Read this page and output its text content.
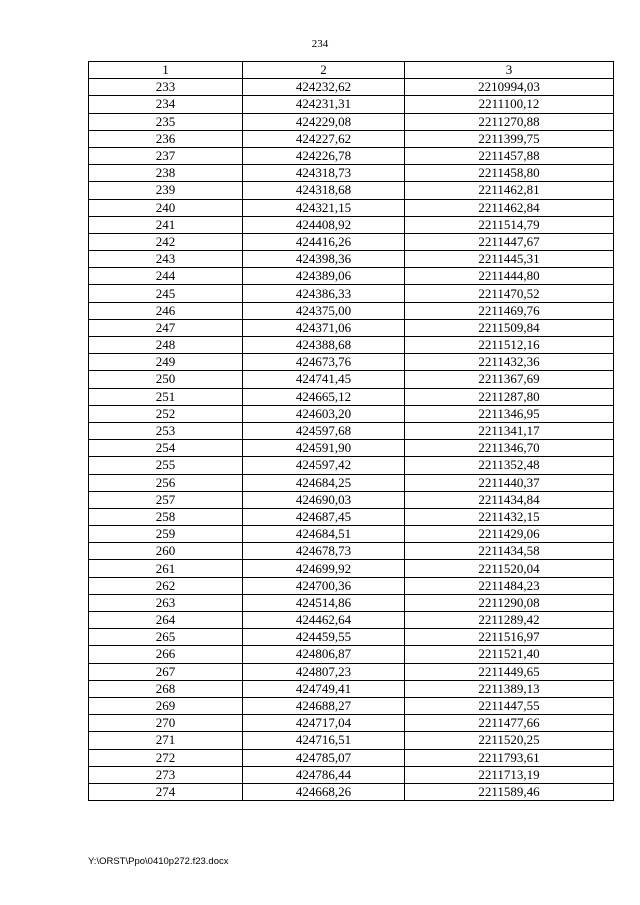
234
1	2	3
233	424232,62	2210994,03
234	424231,31	2211100,12
235	424229,08	2211270,88
236	424227,62	2211399,75
237	424226,78	2211457,88
238	424318,73	2211458,80
239	424318,68	2211462,81
240	424321,15	2211462,84
241	424408,92	2211514,79
242	424416,26	2211447,67
243	424398,36	2211445,31
244	424389,06	2211444,80
245	424386,33	2211470,52
246	424375,00	2211469,76
247	424371,06	2211509,84
248	424388,68	2211512,16
249	424673,76	2211432,36
250	424741,45	2211367,69
251	424665,12	2211287,80
252	424603,20	2211346,95
253	424597,68	2211341,17
254	424591,90	2211346,70
255	424597,42	2211352,48
256	424684,25	2211440,37
257	424690,03	2211434,84
258	424687,45	2211432,15
259	424684,51	2211429,06
260	424678,73	2211434,58
261	424699,92	2211520,04
262	424700,36	2211484,23
263	424514,86	2211290,08
264	424462,64	2211289,42
265	424459,55	2211516,97
266	424806,87	2211521,40
267	424807,23	2211449,65
268	424749,41	2211389,13
269	424688,27	2211447,55
270	424717,04	2211477,66
271	424716,51	2211520,25
272	424785,07	2211793,61
273	424786,44	2211713,19
274	424668,26	2211589,46
Y:\ORST\Ppo\0410p272.f23.docx
